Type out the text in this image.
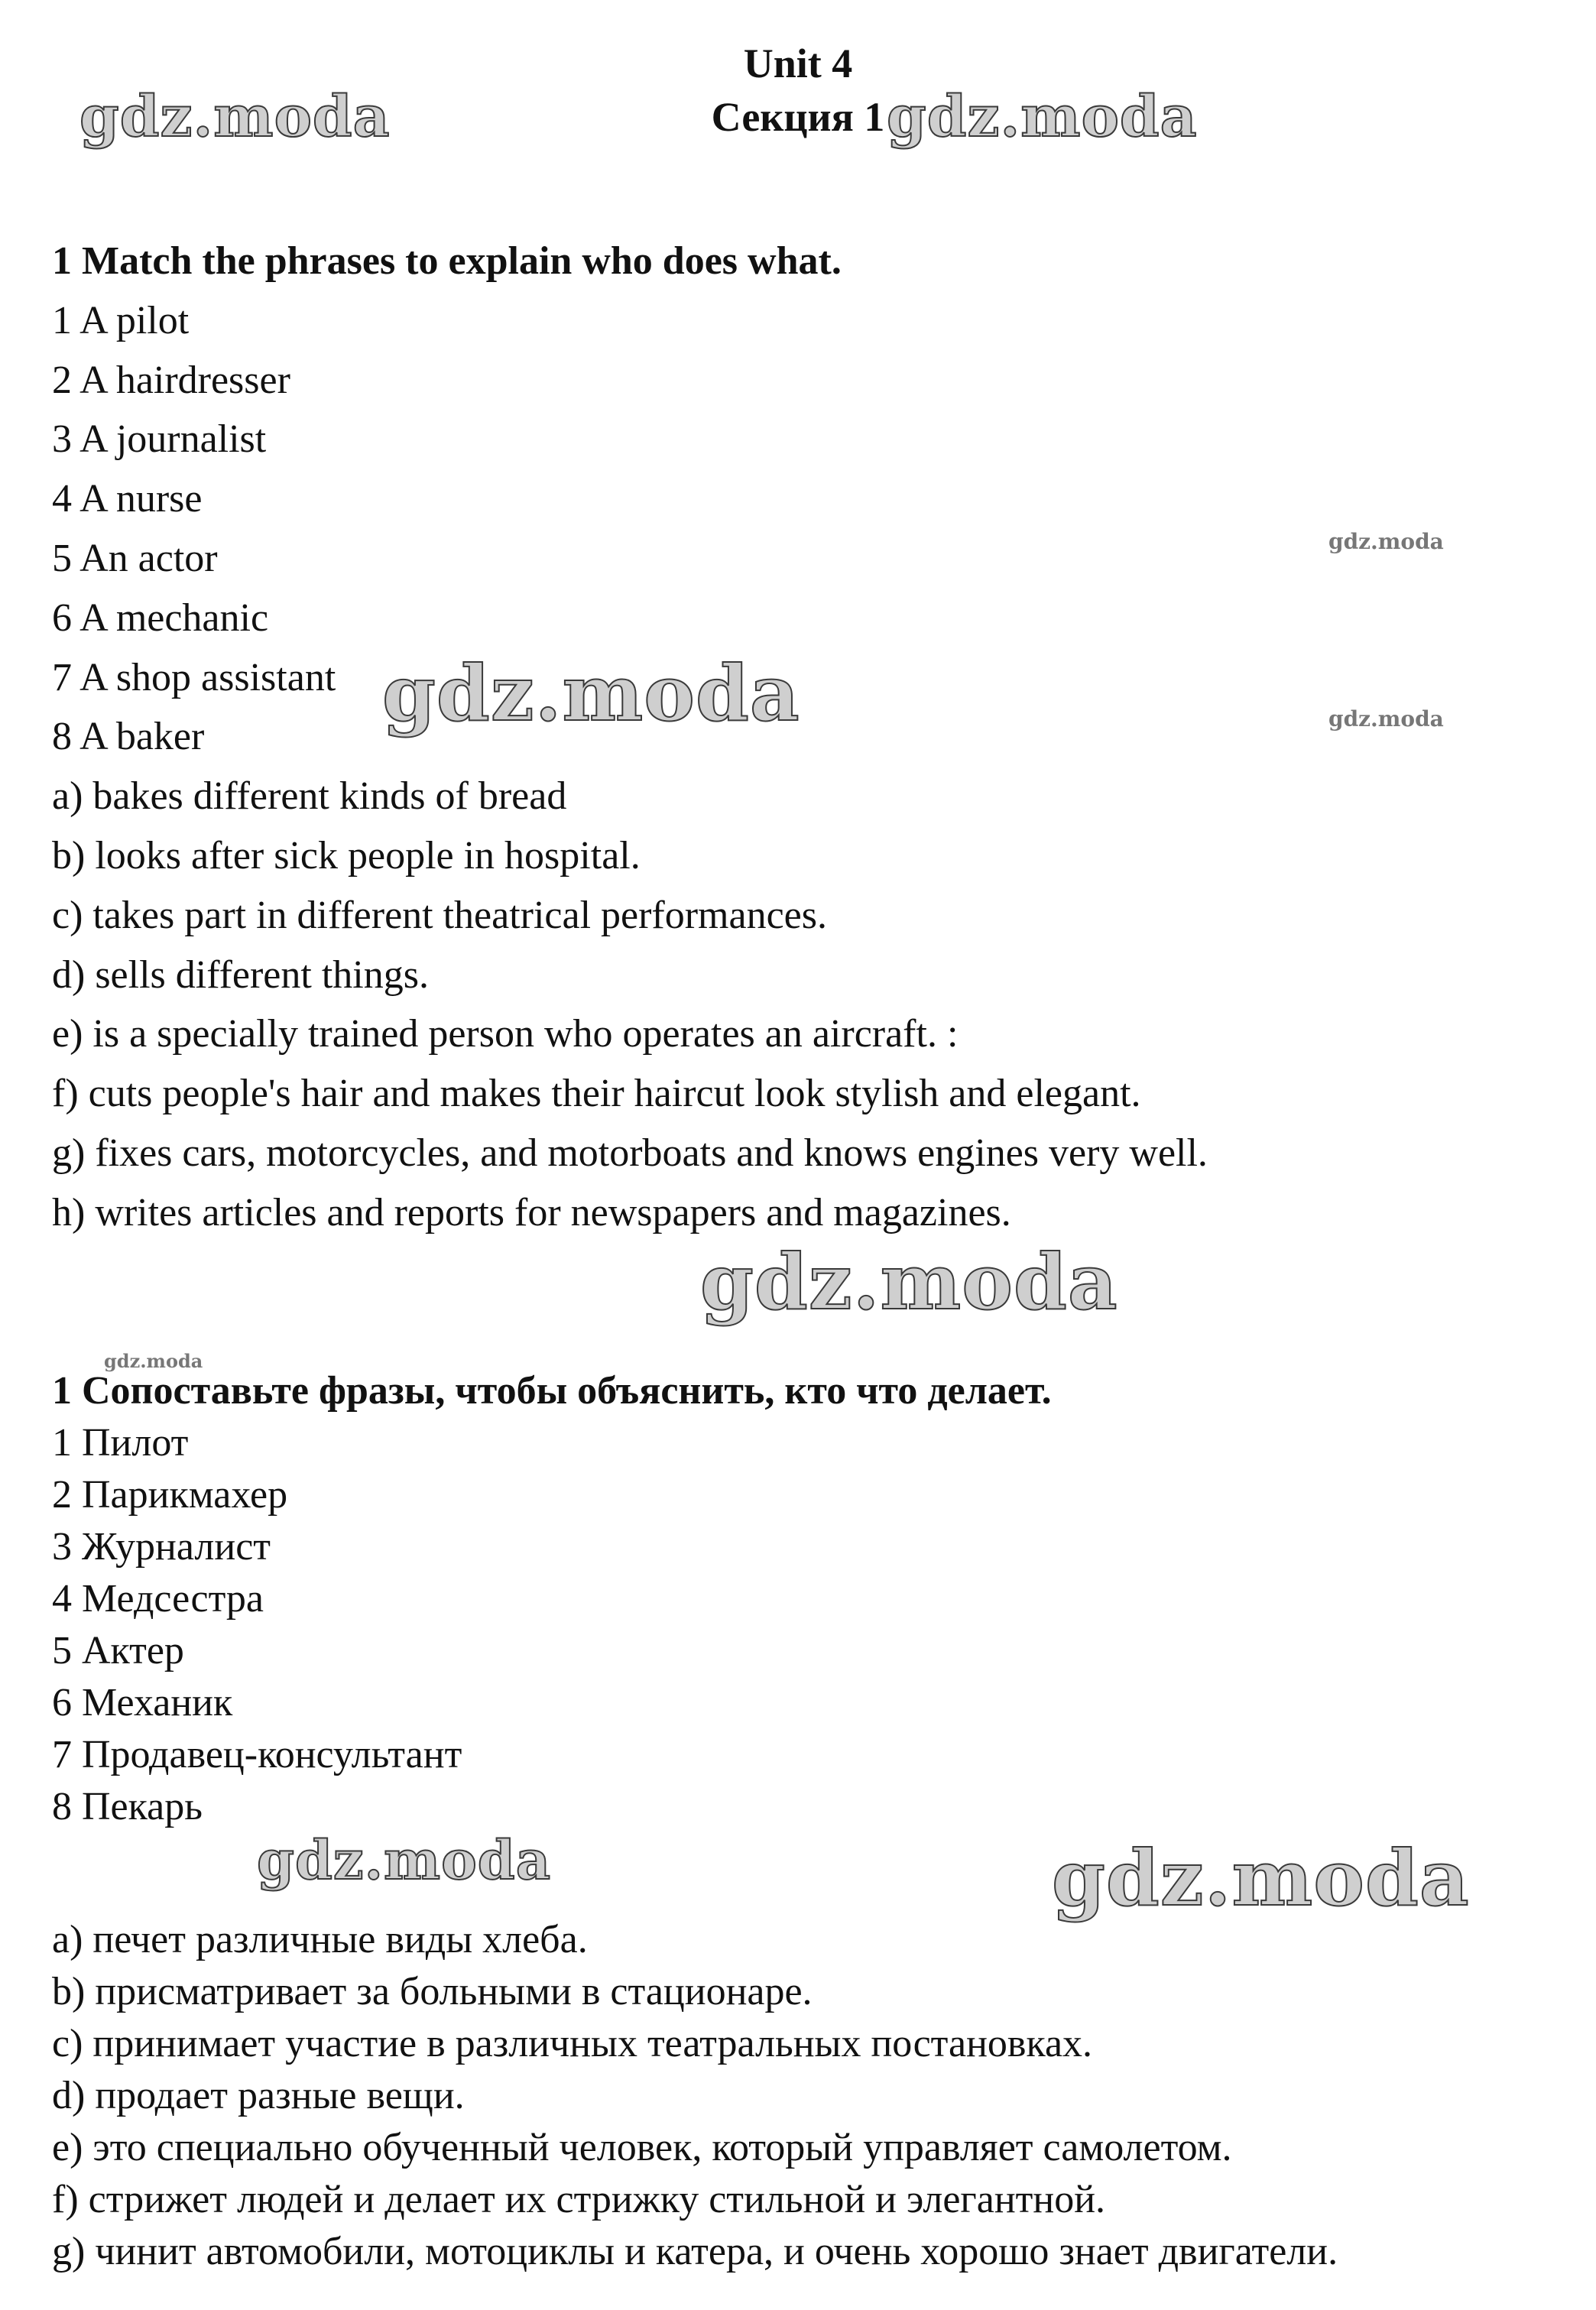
Unit 4
Секция 1
1 Match the phrases to explain who does what.
1 A pilot
2 A hairdresser
3 A journalist
4 A nurse
5 An actor
6 A mechanic
7 A shop assistant
8 A baker
a) bakes different kinds of bread
b) looks after sick people in hospital.
c) takes part in different theatrical performances.
d) sells different things.
e) is a specially trained person who operates an aircraft. :
f) cuts people's hair and makes their haircut look stylish and elegant.
g) fixes cars, motorcycles, and motorboats and knows engines very well.
h) writes articles and reports for newspapers and magazines.
1 Сопоставьте фразы, чтобы объяснить, кто что делает.
1 Пилот
2 Парикмахер
3 Журналист
4 Медсестра
5 Актер
6 Механик
7 Продавец-консультант
8 Пекарь
a) печет различные виды хлеба.
b) присматривает за больными в стационаре.
c) принимает участие в различных театральных постановках.
d) продает разные вещи.
e) это специально обученный человек, который управляет самолетом.
f) стрижет людей и делает их стрижку стильной и элегантной.
g) чинит автомобили, мотоциклы и катера, и очень хорошо знает двигатели.
gdz.moda	gdz.moda
gdz.moda
gdz.moda	gdz.moda
gdz.moda
gdz.moda
gdz.moda	gdz.moda
